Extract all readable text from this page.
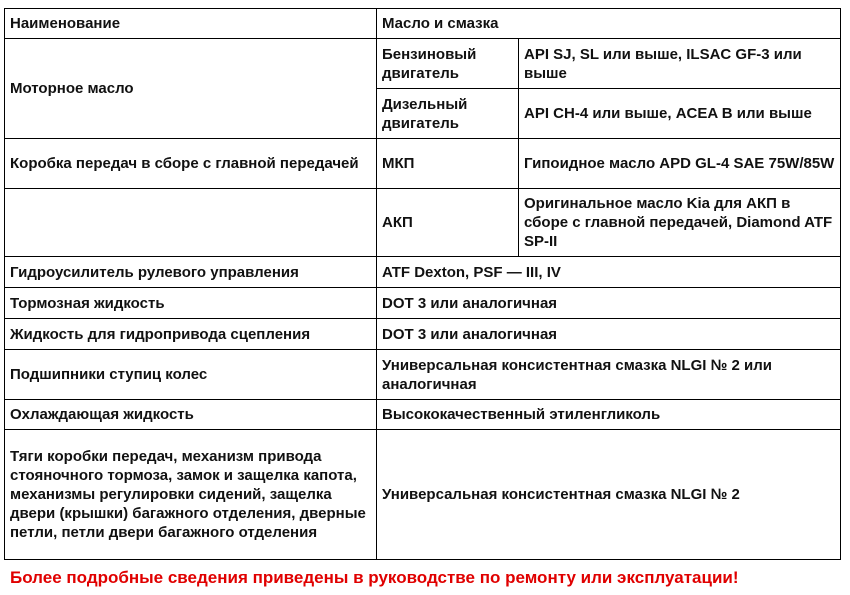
Наименование	Масло и смазка	
Моторное масло	Бензиновый двигатель	API SJ, SL или выше, ILSAC GF-3 или выше
	Дизельный двигатель	API CH-4 или выше, ACEA B или выше
Коробка передач в сборе с главной передачей	МКП	Гипоидное масло APD GL-4 SAE 75W/85W
	АКП	Оригинальное масло Kia для АКП в сборе с главной передачей, Diamond ATF SP-II
Гидроусилитель рулевого управления	ATF Dexton, PSF — III, IV	
Тормозная жидкость	DOT 3 или аналогичная	
Жидкость для гидропривода сцепления	DOT 3 или аналогичная	
Подшипники ступиц колес	Универсальная консистентная смазка NLGI № 2 или аналогичная	
Охлаждающая жидкость	Высококачественный этиленгликоль	
Тяги коробки передач, механизм привода стояночного тормоза, замок и защелка капота, механизмы регулировки сидений, защелка двери (крышки) багажного отделения, дверные петли, петли двери багажного отделения	Универсальная консистентная смазка NLGI № 2	
Более подробные сведения приведены в руководстве по ремонту или эксплуатации!
